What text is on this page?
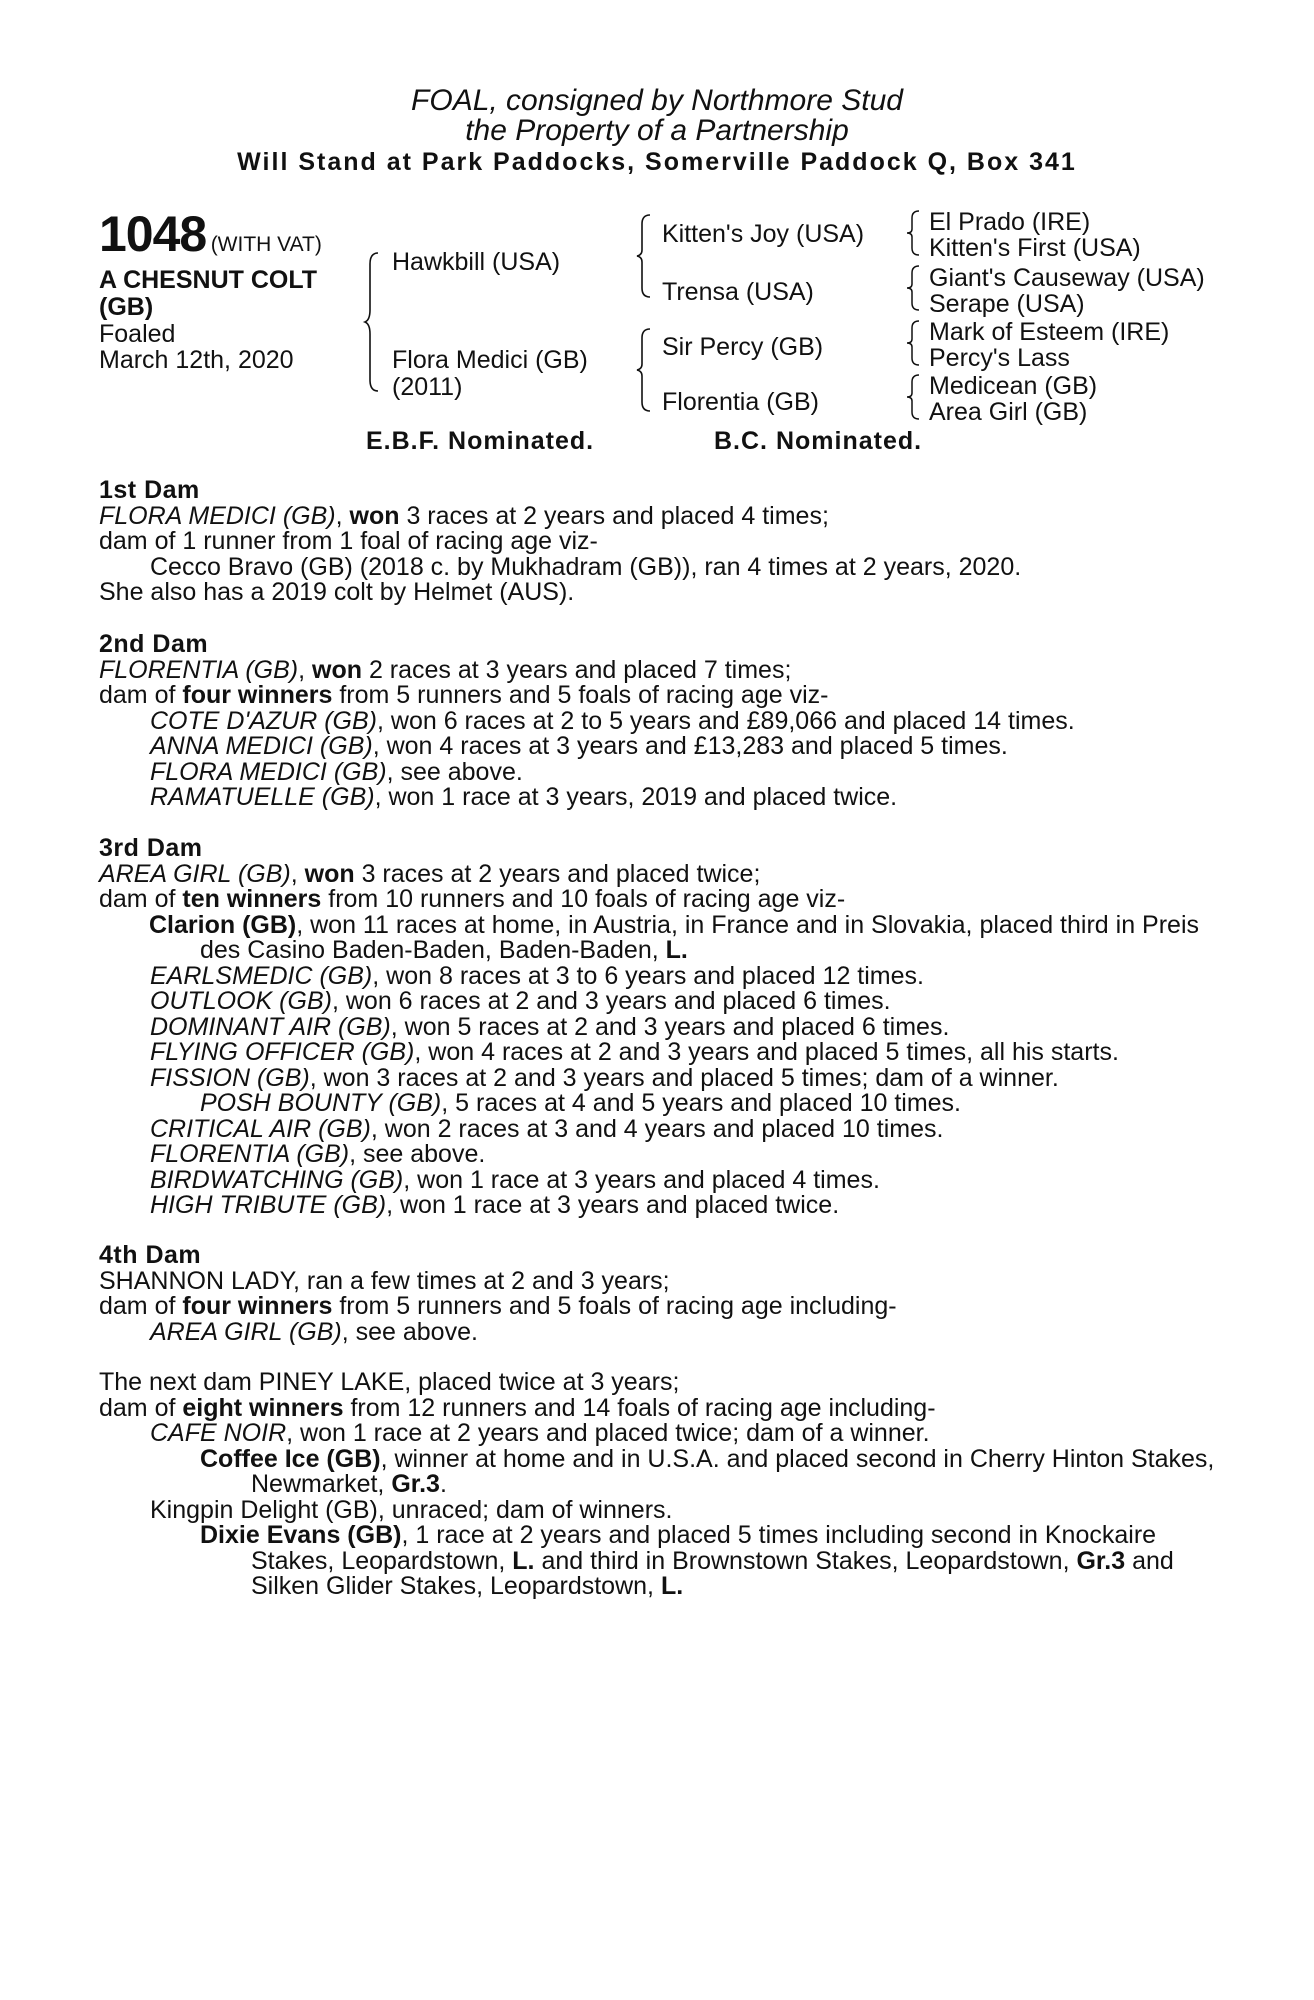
FOAL, consigned by Northmore Stud
the Property of a Partnership
Will Stand at Park Paddocks, Somerville Paddock Q, Box 341
1048 (WITH VAT)
A CHESNUT COLT
(GB)
Foaled
March 12th, 2020
Hawkbill (USA)
Flora Medici (GB)
(2011)
Kitten's Joy (USA)
Trensa (USA)
Sir Percy (GB)
Florentia (GB)
El Prado (IRE)
Kitten's First (USA)
Giant's Causeway (USA)
Serape (USA)
Mark of Esteem (IRE)
Percy's Lass
Medicean (GB)
Area Girl (GB)
E.B.F. Nominated.	B.C. Nominated.
1st Dam
FLORA MEDICI (GB), won 3 races at 2 years and placed 4 times;
dam of 1 runner from 1 foal of racing age viz-
Cecco Bravo (GB) (2018 c. by Mukhadram (GB)), ran 4 times at 2 years, 2020.
She also has a 2019 colt by Helmet (AUS).
2nd Dam
FLORENTIA (GB), won 2 races at 3 years and placed 7 times;
dam of four winners from 5 runners and 5 foals of racing age viz-
COTE D'AZUR (GB), won 6 races at 2 to 5 years and £89,066 and placed 14 times.
ANNA MEDICI (GB), won 4 races at 3 years and £13,283 and placed 5 times.
FLORA MEDICI (GB), see above.
RAMATUELLE (GB), won 1 race at 3 years, 2019 and placed twice.
3rd Dam
AREA GIRL (GB), won 3 races at 2 years and placed twice;
dam of ten winners from 10 runners and 10 foals of racing age viz-
Clarion (GB), won 11 races at home, in Austria, in France and in Slovakia, placed third in Preis des Casino Baden-Baden, Baden-Baden, L.
EARLSMEDIC (GB), won 8 races at 3 to 6 years and placed 12 times.
OUTLOOK (GB), won 6 races at 2 and 3 years and placed 6 times.
DOMINANT AIR (GB), won 5 races at 2 and 3 years and placed 6 times.
FLYING OFFICER (GB), won 4 races at 2 and 3 years and placed 5 times, all his starts.
FISSION (GB), won 3 races at 2 and 3 years and placed 5 times; dam of a winner.
POSH BOUNTY (GB), 5 races at 4 and 5 years and placed 10 times.
CRITICAL AIR (GB), won 2 races at 3 and 4 years and placed 10 times.
FLORENTIA (GB), see above.
BIRDWATCHING (GB), won 1 race at 3 years and placed 4 times.
HIGH TRIBUTE (GB), won 1 race at 3 years and placed twice.
4th Dam
SHANNON LADY, ran a few times at 2 and 3 years;
dam of four winners from 5 runners and 5 foals of racing age including-
AREA GIRL (GB), see above.
The next dam PINEY LAKE, placed twice at 3 years;
dam of eight winners from 12 runners and 14 foals of racing age including-
CAFE NOIR, won 1 race at 2 years and placed twice; dam of a winner.
Coffee Ice (GB), winner at home and in U.S.A. and placed second in Cherry Hinton Stakes, Newmarket, Gr.3.
Kingpin Delight (GB), unraced; dam of winners.
Dixie Evans (GB), 1 race at 2 years and placed 5 times including second in Knockaire Stakes, Leopardstown, L. and third in Brownstown Stakes, Leopardstown, Gr.3 and Silken Glider Stakes, Leopardstown, L.
